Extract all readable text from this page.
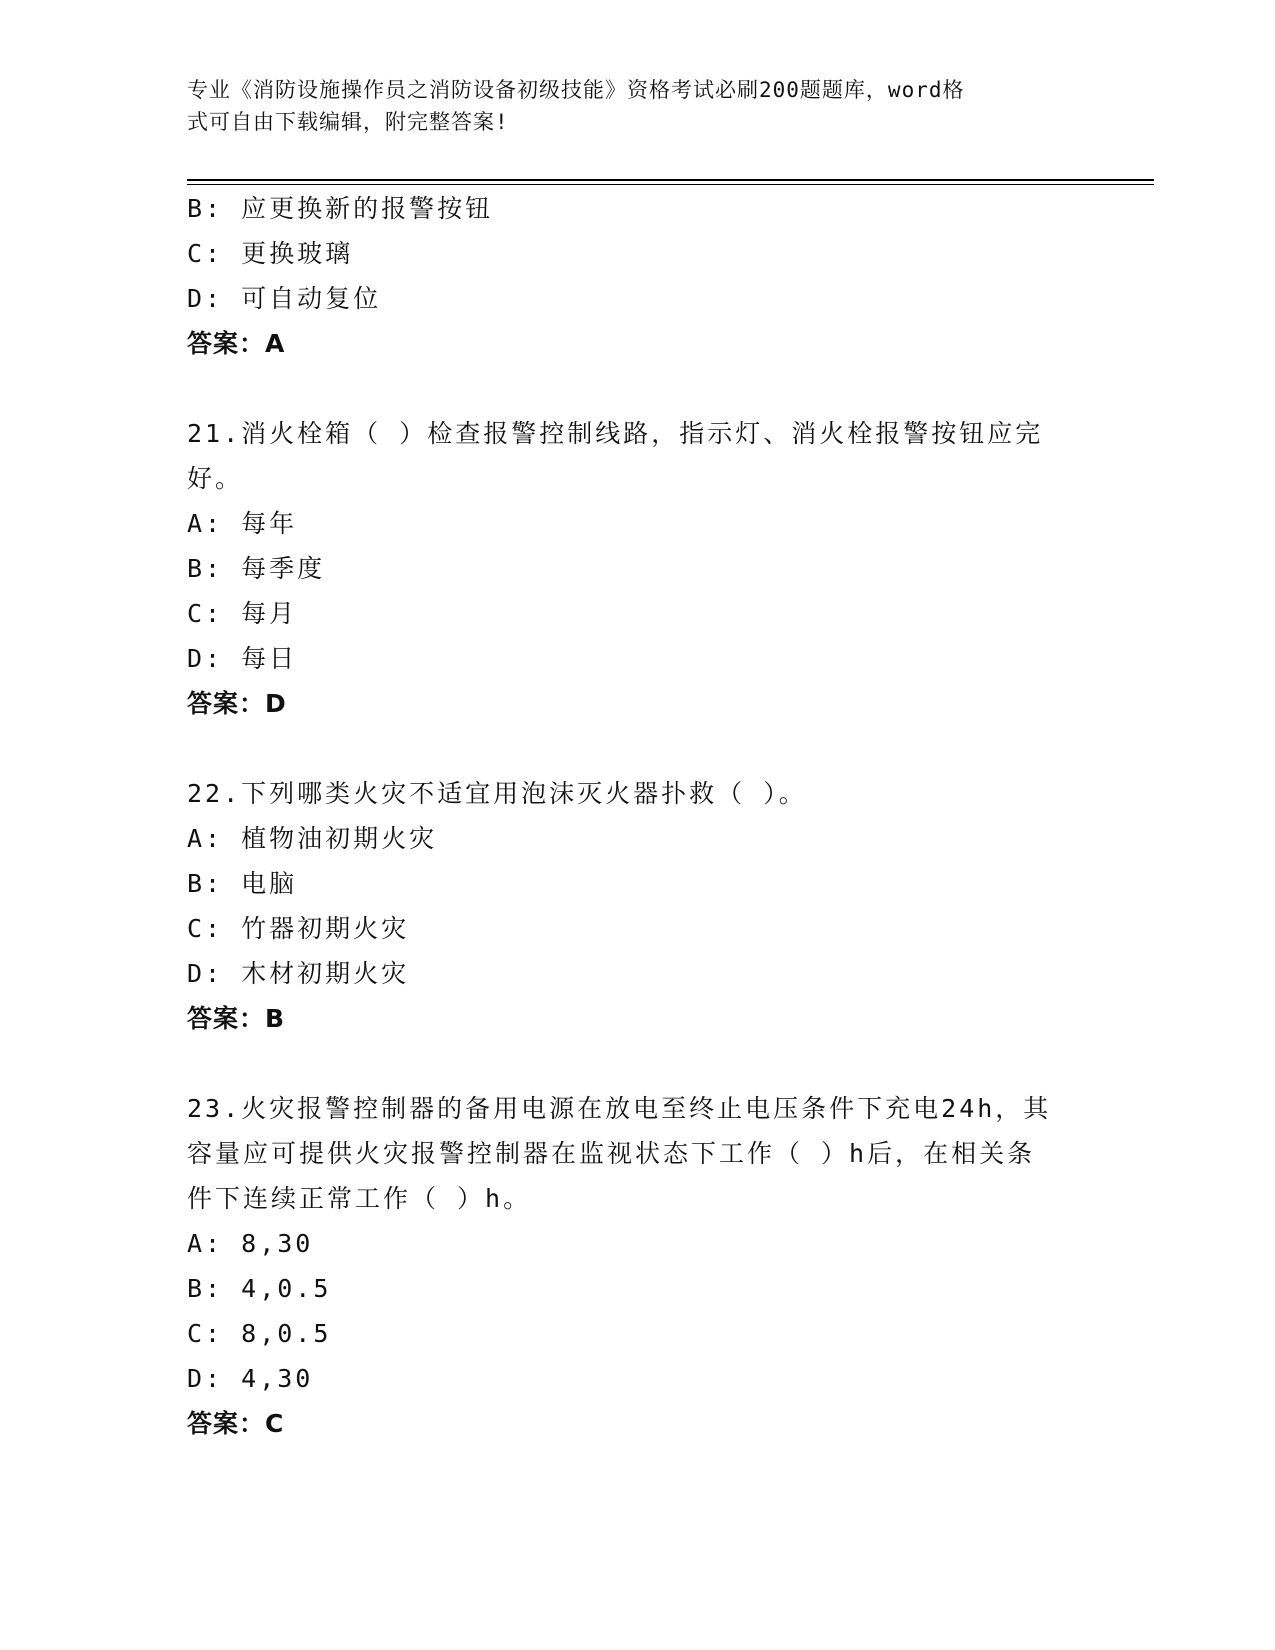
专业《消防设施操作员之消防设备初级技能》资格考试必刷200题题库，word格
式可自由下载编辑，附完整答案!
B: 应更换新的报警按钮
C: 更换玻璃
D: 可自动复位
答案：A
21.消火栓箱（ ）检查报警控制线路，指示灯、消火栓报警按钮应完
好。
A: 每年
B: 每季度
C: 每月
D: 每日
答案：D
22.下列哪类火灾不适宜用泡沫灭火器扑救（ ）。
A: 植物油初期火灾
B: 电脑
C: 竹器初期火灾
D: 木材初期火灾
答案：B
23.火灾报警控制器的备用电源在放电至终止电压条件下充电24h，其
容量应可提供火灾报警控制器在监视状态下工作（ ）h后，在相关条
件下连续正常工作（ ）h。
A: 8,30
B: 4,0.5
C: 8,0.5
D: 4,30
答案：C
